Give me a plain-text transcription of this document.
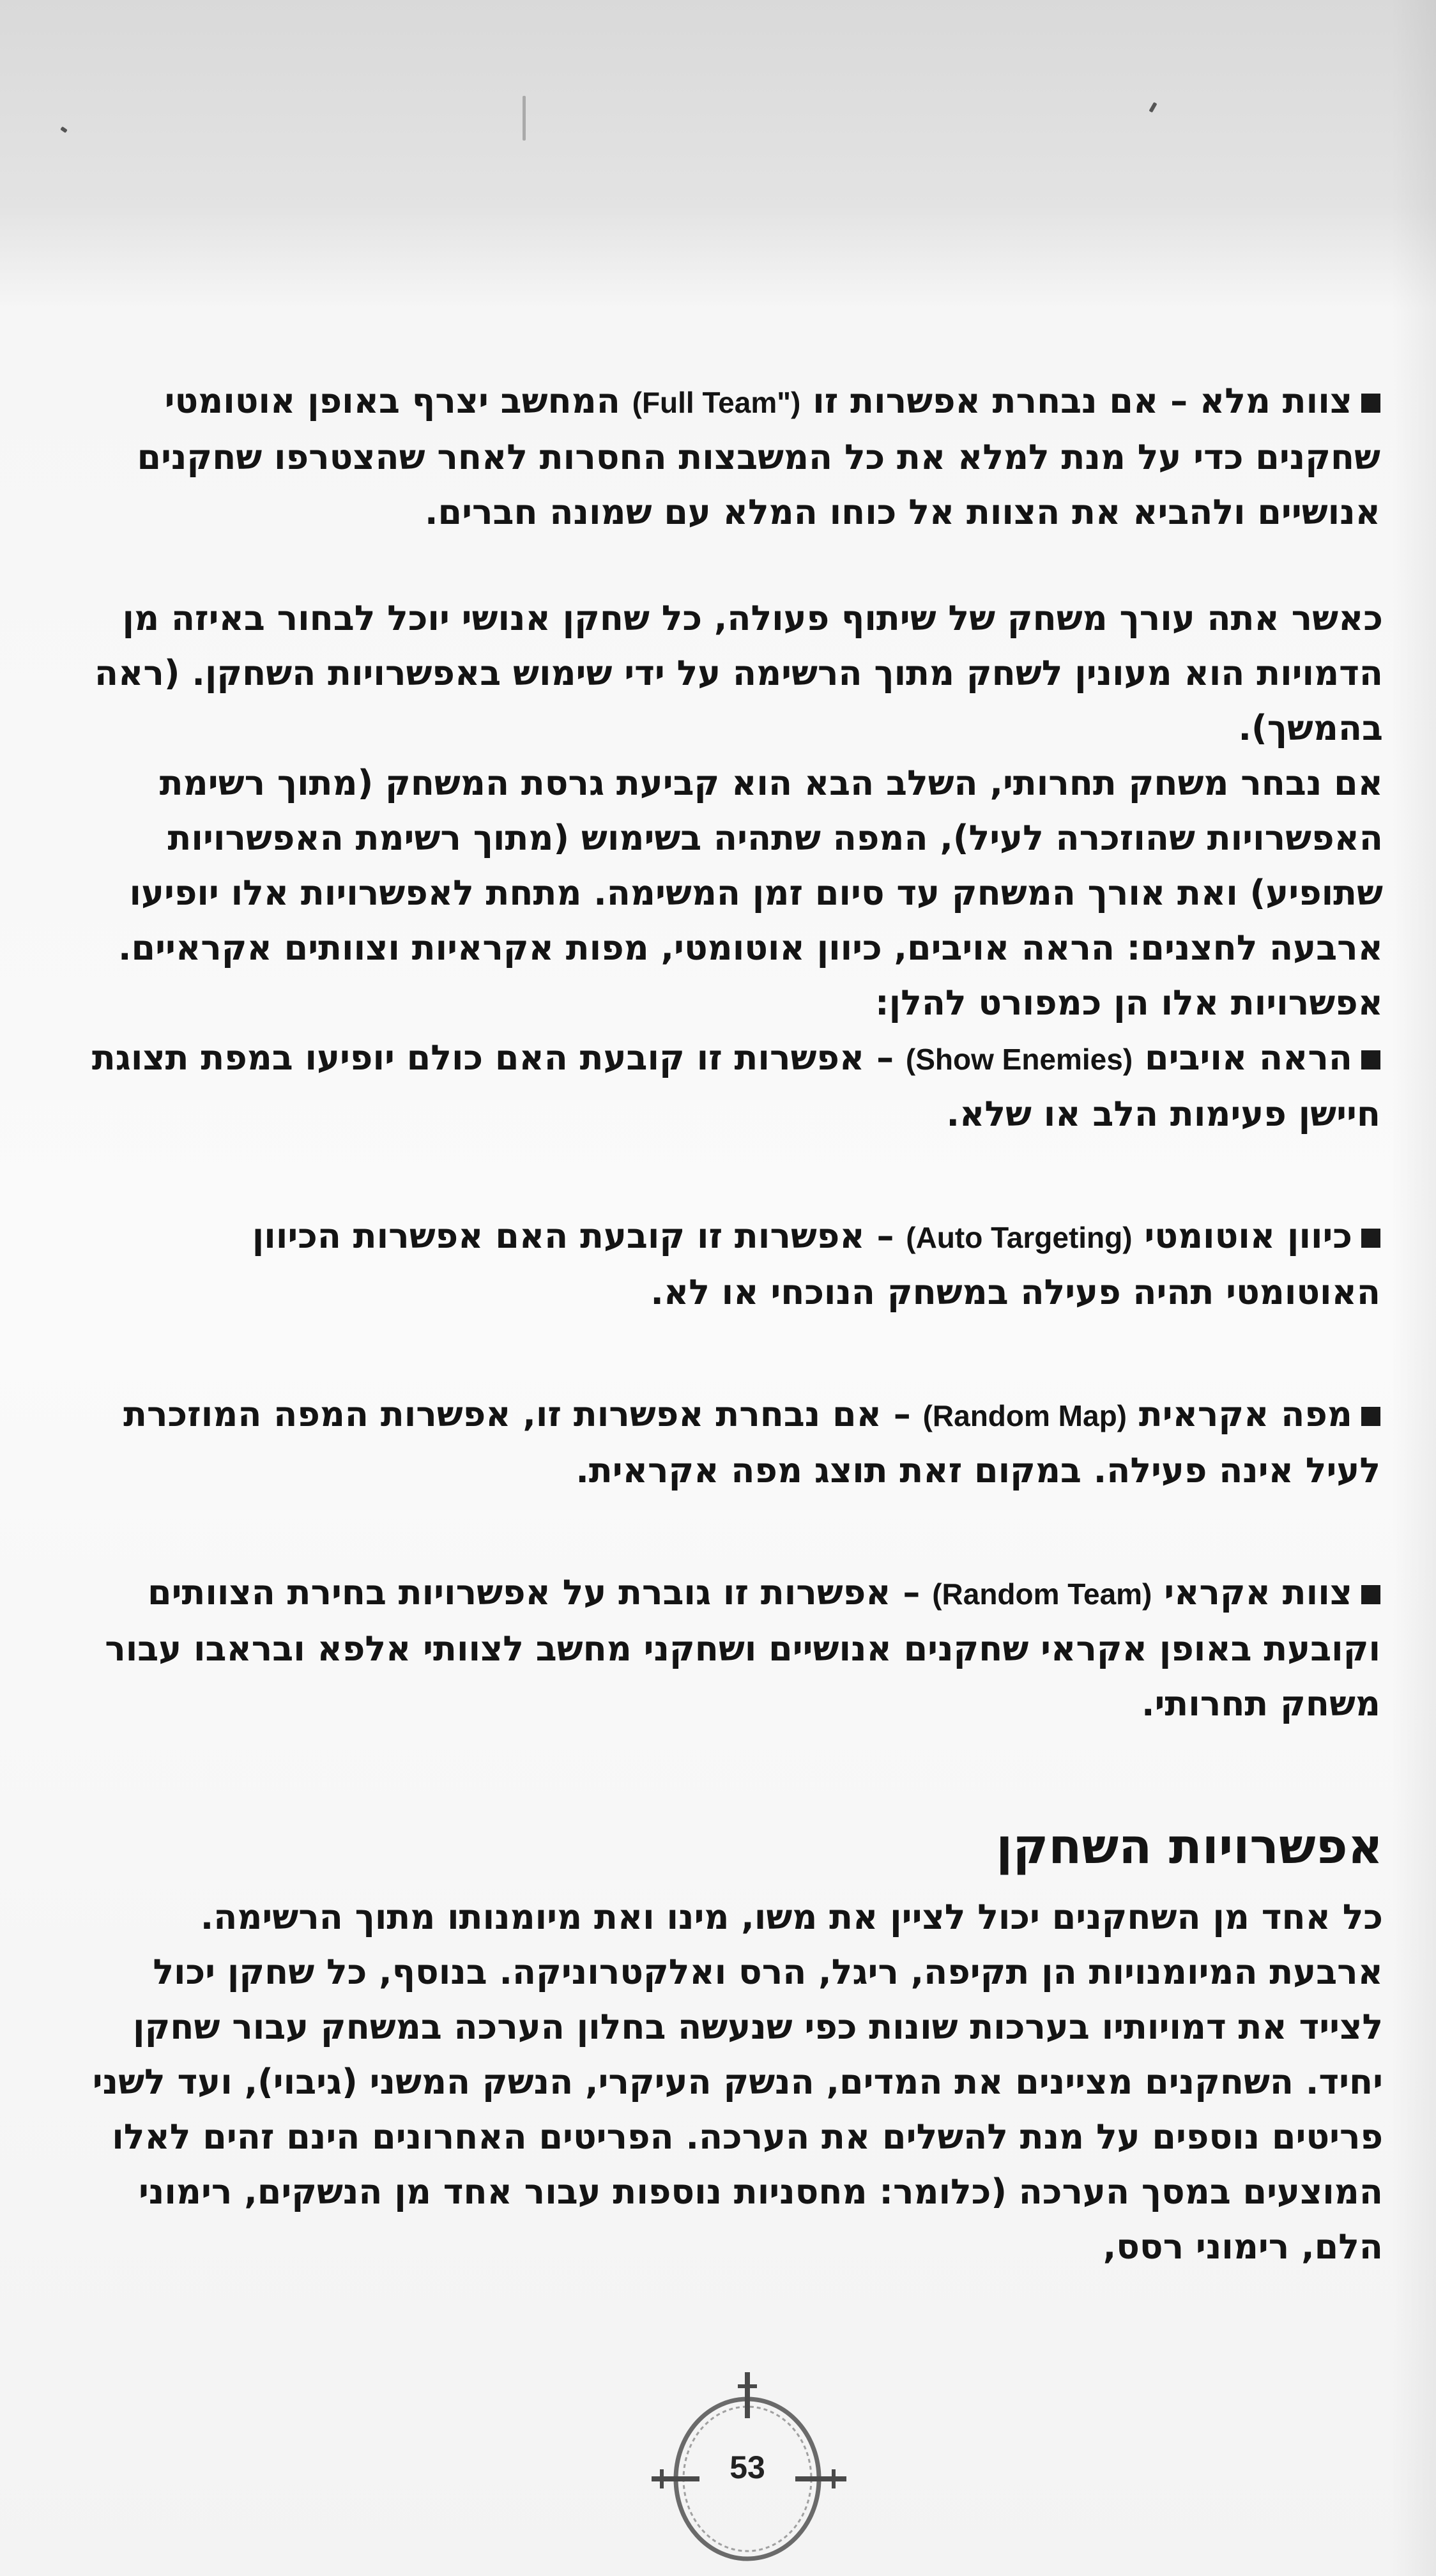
צוות מלא – אם נבחרת אפשרות זו (Full Team") המחשב יצרף באופן אוטומטי שחקנים כדי על מנת למלא את כל המשבצות החסרות לאחר שהצטרפו שחקנים אנושיים ולהביא את הצוות אל כוחו המלא עם שמונה חברים.

כאשר אתה עורך משחק של שיתוף פעולה, כל שחקן אנושי יוכל לבחור באיזה מן הדמויות הוא מעונין לשחק מתוך הרשימה על ידי שימוש באפשרויות השחקן. (ראה בהמשך).

אם נבחר משחק תחרותי, השלב הבא הוא קביעת גרסת המשחק (מתוך רשימת האפשרויות שהוזכרה לעיל), המפה שתהיה בשימוש (מתוך רשימת האפשרויות שתופיע) ואת אורך המשחק עד סיום זמן המשימה. מתחת לאפשרויות אלו יופיעו ארבעה לחצנים: הראה אויבים, כיוון אוטומטי, מפות אקראיות וצוותים אקראיים. אפשרויות אלו הן כמפורט להלן:

הראה אויבים (Show Enemies) – אפשרות זו קובעת האם כולם יופיעו במפת תצוגת חיישן פעימות הלב או שלא.
כיוון אוטומטי (Auto Targeting) – אפשרות זו קובעת האם אפשרות הכיוון האוטומטי תהיה פעילה במשחק הנוכחי או לא.
מפה אקראית (Random Map) – אם נבחרת אפשרות זו, אפשרות המפה המוזכרת לעיל אינה פעילה. במקום זאת תוצג מפה אקראית.
צוות אקראי (Random Team) – אפשרות זו גוברת על אפשרויות בחירת הצוותים וקובעת באופן אקראי שחקנים אנושיים ושחקני מחשב לצוותי אלפא ובראבו עבור משחק תחרותי.
אפשרויות השחקן

כל אחד מן השחקנים יכול לציין את משו, מינו ואת מיומנותו מתוך הרשימה. ארבעת המיומנויות הן תקיפה, ריגל, הרס ואלקטרוניקה. בנוסף, כל שחקן יכול לצייד את דמויותיו בערכות שונות כפי שנעשה בחלון הערכה במשחק עבור שחקן יחיד. השחקנים מציינים את המדים, הנשק העיקרי, הנשק המשני (גיבוי), ועד לשני פריטים נוספים על מנת להשלים את הערכה. הפריטים האחרונים הינם זהים לאלו המוצעים במסך הערכה (כלומר: מחסניות נוספות עבור אחד מן הנשקים, רימוני הלם, רימוני רסס,

53
